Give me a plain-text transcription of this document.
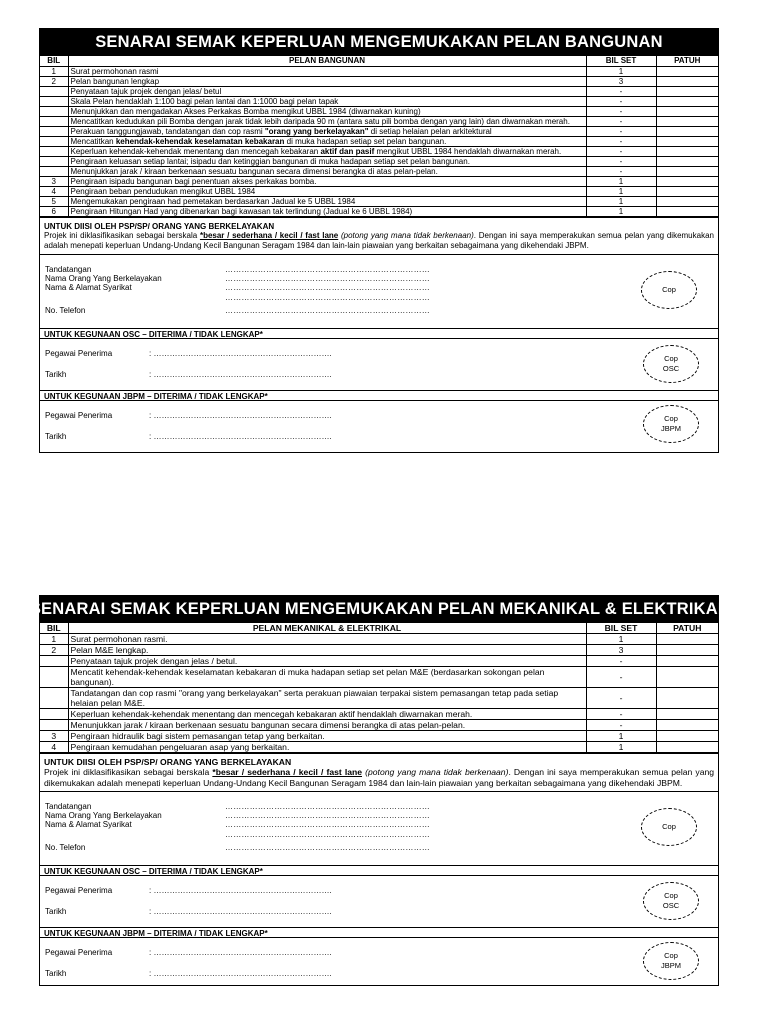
SENARAI SEMAK KEPERLUAN MENGEMUKAKAN PELAN BANGUNAN
BIL	PELAN BANGUNAN	BIL SET	PATUH
1	Surat permohonan rasmi	1	
2	Pelan bangunan lengkap	3	
	Penyataan tajuk projek dengan jelas/ betul	-	
	Skala Pelan hendaklah 1:100 bagi pelan lantai dan 1:1000 bagi pelan tapak	-	
	Menunjukkan dan mengadakan Akses Perkakas Bomba mengikut UBBL 1984 (diwarnakan kuning)	-	
	Mencatitkan kedudukan pili Bomba dengan jarak tidak lebih daripada 90 m (antara satu pili bomba dengan yang lain) dan diwarnakan merah.	-	
	Perakuan tanggungjawab, tandatangan dan cop rasmi "orang yang berkelayakan" di setiap helaian pelan arkitektural	-	
	Mencatitkan kehendak-kehendak keselamatan kebakaran di muka hadapan setiap set pelan bangunan.	-	
	Keperluan kehendak-kehendak menentang dan mencegah kebakaran aktif dan pasif mengikut UBBL 1984 hendaklah diwarnakan merah.	-	
	Pengiraan keluasan setiap lantai; isipadu dan ketinggian bangunan di muka hadapan setiap set pelan bangunan.	-	
	Menunjukkan jarak / kiraan berkenaan sesuatu bangunan secara dimensi berangka di atas pelan-pelan.	-	
3	Pengiraan isipadu bangunan bagi penentuan akses perkakas bomba.	1	
4	Pengiraan beban pendudukan mengikut UBBL 1984	1	
5	Mengemukakan pengiraan had pemetakan berdasarkan Jadual ke 5 UBBL 1984	1	
6	Pengiraan Hitungan Had yang dibenarkan bagi kawasan tak terlindung (Jadual ke 6 UBBL 1984)	1	
UNTUK DIISI OLEH PSP/SP/ ORANG YANG BERKELAYAKAN

Projek ini diklasifikasikan sebagai berskala *besar / sederhana / kecil / fast lane (potong yang mana tidak berkenaan). Dengan ini saya memperakukan semua pelan yang dikemukakan adalah menepati keperluan Undang-Undang Kecil Bangunan Seragam 1984 dan lain-lain piawaian yang berkaitan sebagaimana yang dikehendaki JBPM.

Tandatangan	…………………………………………………………………
Nama Orang Yang Berkelayakan	…………………………………………………………………
Nama & Alamat Syarikat	…………………………………………………………………
…………………………………………………………………
No. Telefon	…………………………………………………………………
Cop
UNTUK KEGUNAAN OSC – DITERIMA / TIDAK LENGKAP*
Pegawai Penerima	: ………………………………………………………….
Tarikh	: ………………………………………………………….
Cop
OSC
UNTUK KEGUNAAN JBPM – DITERIMA / TIDAK LENGKAP*
Pegawai Penerima	: ………………………………………………………….
Tarikh	: ………………………………………………………….
Cop
JBPM
SENARAI SEMAK KEPERLUAN MENGEMUKAKAN PELAN MEKANIKAL & ELEKTRIKAL
BIL	PELAN MEKANIKAL & ELEKTRIKAL	BIL SET	PATUH
1	Surat permohonan rasmi.	1	
2	Pelan M&E lengkap.	3	
	Penyataan tajuk projek dengan jelas / betul.	-	
	Mencatit kehendak-kehendak keselamatan kebakaran di muka hadapan setiap set pelan M&E (berdasarkan sokongan pelan bangunan).	-	
	Tandatangan dan cop rasmi "orang yang berkelayakan" serta perakuan piawaian terpakai sistem pemasangan tetap pada setiap helaian pelan M&E.	-	
	Keperluan kehendak-kehendak menentang dan mencegah kebakaran aktif hendaklah diwarnakan merah.	-	
	Menunjukkan jarak / kiraan berkenaan sesuatu bangunan secara dimensi berangka di atas pelan-pelan.	-	
3	Pengiraan hidraulik bagi sistem pemasangan tetap yang berkaitan.	1	
4	Pengiraan kemudahan pengeluaran asap yang berkaitan.	1	
UNTUK DIISI OLEH PSP/SP/ ORANG YANG BERKELAYAKAN

Projek ini diklasifikasikan sebagai berskala *besar / sederhana / kecil / fast lane (potong yang mana tidak berkenaan). Dengan ini saya memperakukan semua pelan yang dikemukakan adalah menepati keperluan Undang-Undang Kecil Bangunan Seragam 1984 dan lain-lain piawaian yang berkaitan sebagaimana yang dikehendaki JBPM.

Tandatangan	…………………………………………………………………
Nama Orang Yang Berkelayakan	…………………………………………………………………
Nama & Alamat Syarikat	…………………………………………………………………
…………………………………………………………………
No. Telefon	…………………………………………………………………
Cop
UNTUK KEGUNAAN OSC – DITERIMA / TIDAK LENGKAP*
Pegawai Penerima	: ………………………………………………………….
Tarikh	: ………………………………………………………….
Cop
OSC
UNTUK KEGUNAAN JBPM – DITERIMA / TIDAK LENGKAP*
Pegawai Penerima	: ………………………………………………………….
Tarikh	: ………………………………………………………….
Cop
JBPM
